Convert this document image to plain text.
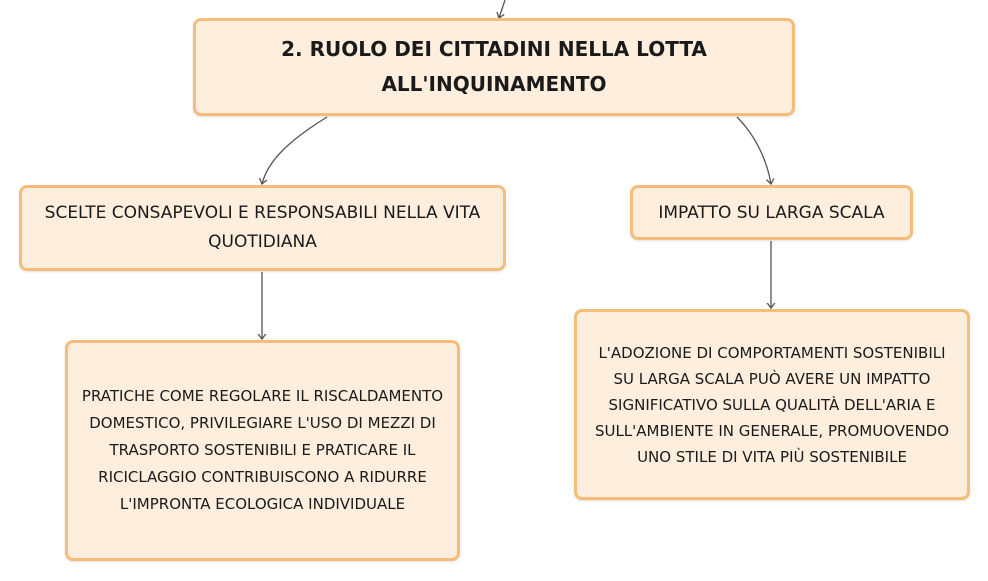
2. RUOLO DEI CITTADINI NELLA LOTTA ALL'INQUINAMENTO
SCELTE CONSAPEVOLI E RESPONSABILI NELLA VITA QUOTIDIANA
IMPATTO SU LARGA SCALA
PRATICHE COME REGOLARE IL RISCALDAMENTO DOMESTICO, PRIVILEGIARE L'USO DI MEZZI DI TRASPORTO SOSTENIBILI E PRATICARE IL RICICLAGGIO CONTRIBUISCONO A RIDURRE L'IMPRONTA ECOLOGICA INDIVIDUALE
L'ADOZIONE DI COMPORTAMENTI SOSTENIBILI SU LARGA SCALA PUÒ AVERE UN IMPATTO SIGNIFICATIVO SULLA QUALITÀ DELL'ARIA E SULL'AMBIENTE IN GENERALE, PROMUOVENDO UNO STILE DI VITA PIÙ SOSTENIBILE
